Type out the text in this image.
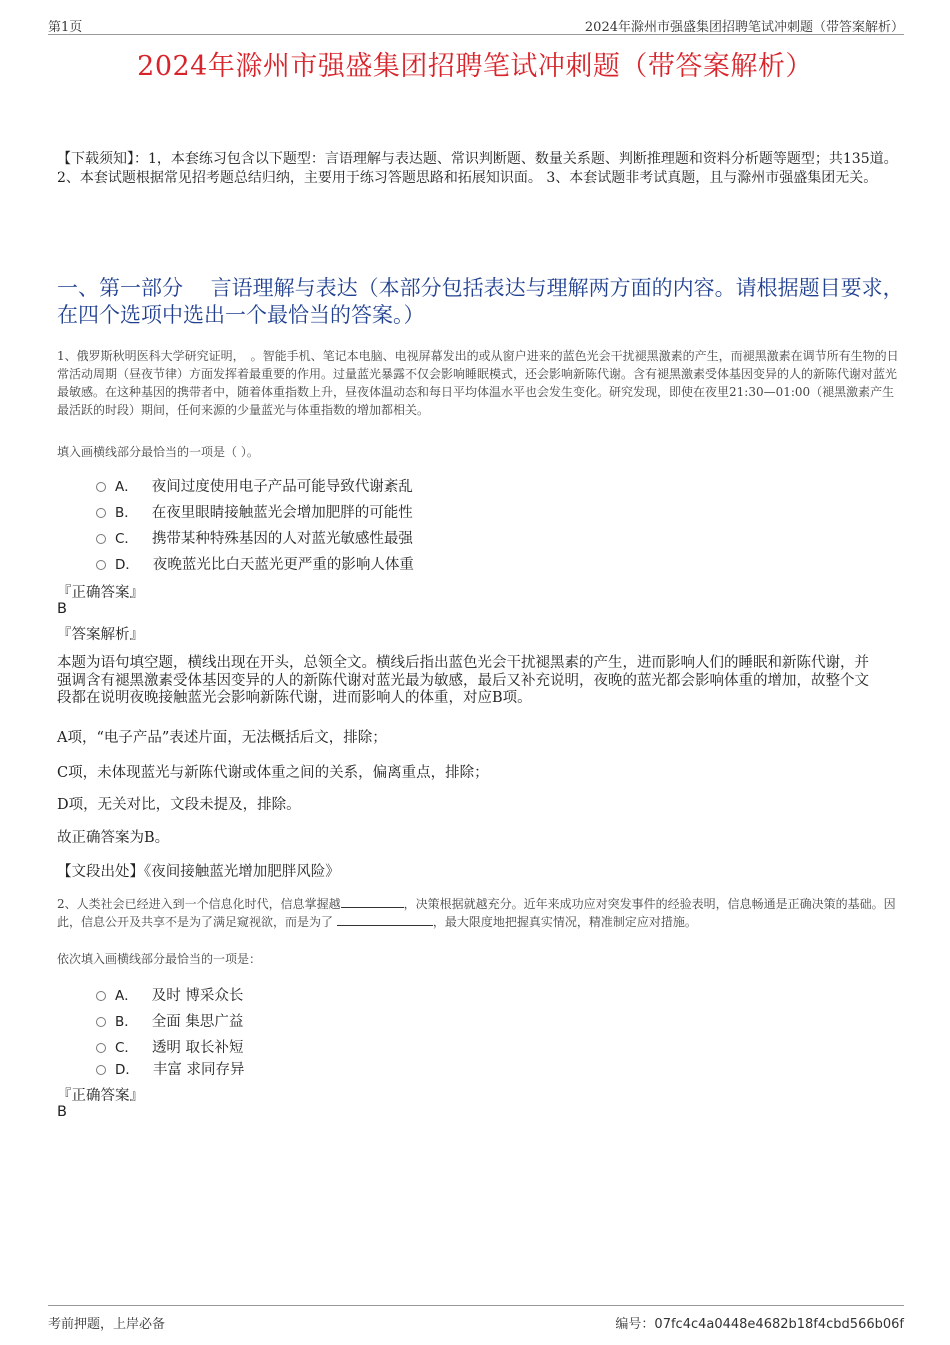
第1页	2024年滁州市强盛集团招聘笔试冲刺题（带答案解析）
2024年滁州市强盛集团招聘笔试冲刺题（带答案解析）
【下载须知】：1，本套练习包含以下题型：言语理解与表达题、常识判断题、数量关系题、判断推理题和资料分析题等题型；共135道。 2、本套试题根据常见招考题总结归纳，主要用于练习答题思路和拓展知识面。 3、本套试题非考试真题，且与滁州市强盛集团无关。
一、第一部分　 言语理解与表达（本部分包括表达与理解两方面的内容。请根据题目要求，在四个选项中选出一个最恰当的答案。）
1、俄罗斯秋明医科大学研究证明，　。智能手机、笔记本电脑、电视屏幕发出的或从窗户进来的蓝色光会干扰褪黑激素的产生，而褪黑激素在调节所有生物的日常活动周期（昼夜节律）方面发挥着最重要的作用。过量蓝光暴露不仅会影响睡眠模式，还会影响新陈代谢。含有褪黑激素受体基因变异的人的新陈代谢对蓝光最敏感。在这种基因的携带者中，随着体重指数上升，昼夜体温动态和每日平均体温水平也会发生变化。研究发现，即使在夜里21:30—01:00（褪黑激素产生最活跃的时段）期间，任何来源的少量蓝光与体重指数的增加都相关。
填入画横线部分最恰当的一项是（ ）。
A． 夜间过度使用电子产品可能导致代谢紊乱
B． 在夜里眼睛接触蓝光会增加肥胖的可能性
C． 携带某种特殊基因的人对蓝光敏感性最强
D． 夜晚蓝光比白天蓝光更严重的影响人体重
『正确答案』
B
『答案解析』
本题为语句填空题，横线出现在开头，总领全文。横线后指出蓝色光会干扰褪黑素的产生，进而影响人们的睡眠和新陈代谢，并强调含有褪黑激素受体基因变异的人的新陈代谢对蓝光最为敏感，最后又补充说明，夜晚的蓝光都会影响体重的增加，故整个文段都在说明夜晚接触蓝光会影响新陈代谢，进而影响人的体重，对应B项。
A项，“电子产品”表述片面，无法概括后文，排除；
C项，未体现蓝光与新陈代谢或体重之间的关系，偏离重点，排除；
D项，无关对比，文段未提及，排除。
故正确答案为B。
【文段出处】《夜间接触蓝光增加肥胖风险》
2、人类社会已经进入到一个信息化时代，信息掌握越	，决策根据就越充分。近年来成功应对突发事件的经验表明，信息畅通是正确决策的基础。因此，信息公开及共享不是为了满足窥视欲，而是为了	，最大限度地把握真实情况，精准制定应对措施。
依次填入画横线部分最恰当的一项是：
A． 及时 博采众长
B． 全面 集思广益
C． 透明 取长补短
D． 丰富 求同存异
『正确答案』
B
考前押题，上岸必备	编号：07fc4c4a0448e4682b18f4cbd566b06f
